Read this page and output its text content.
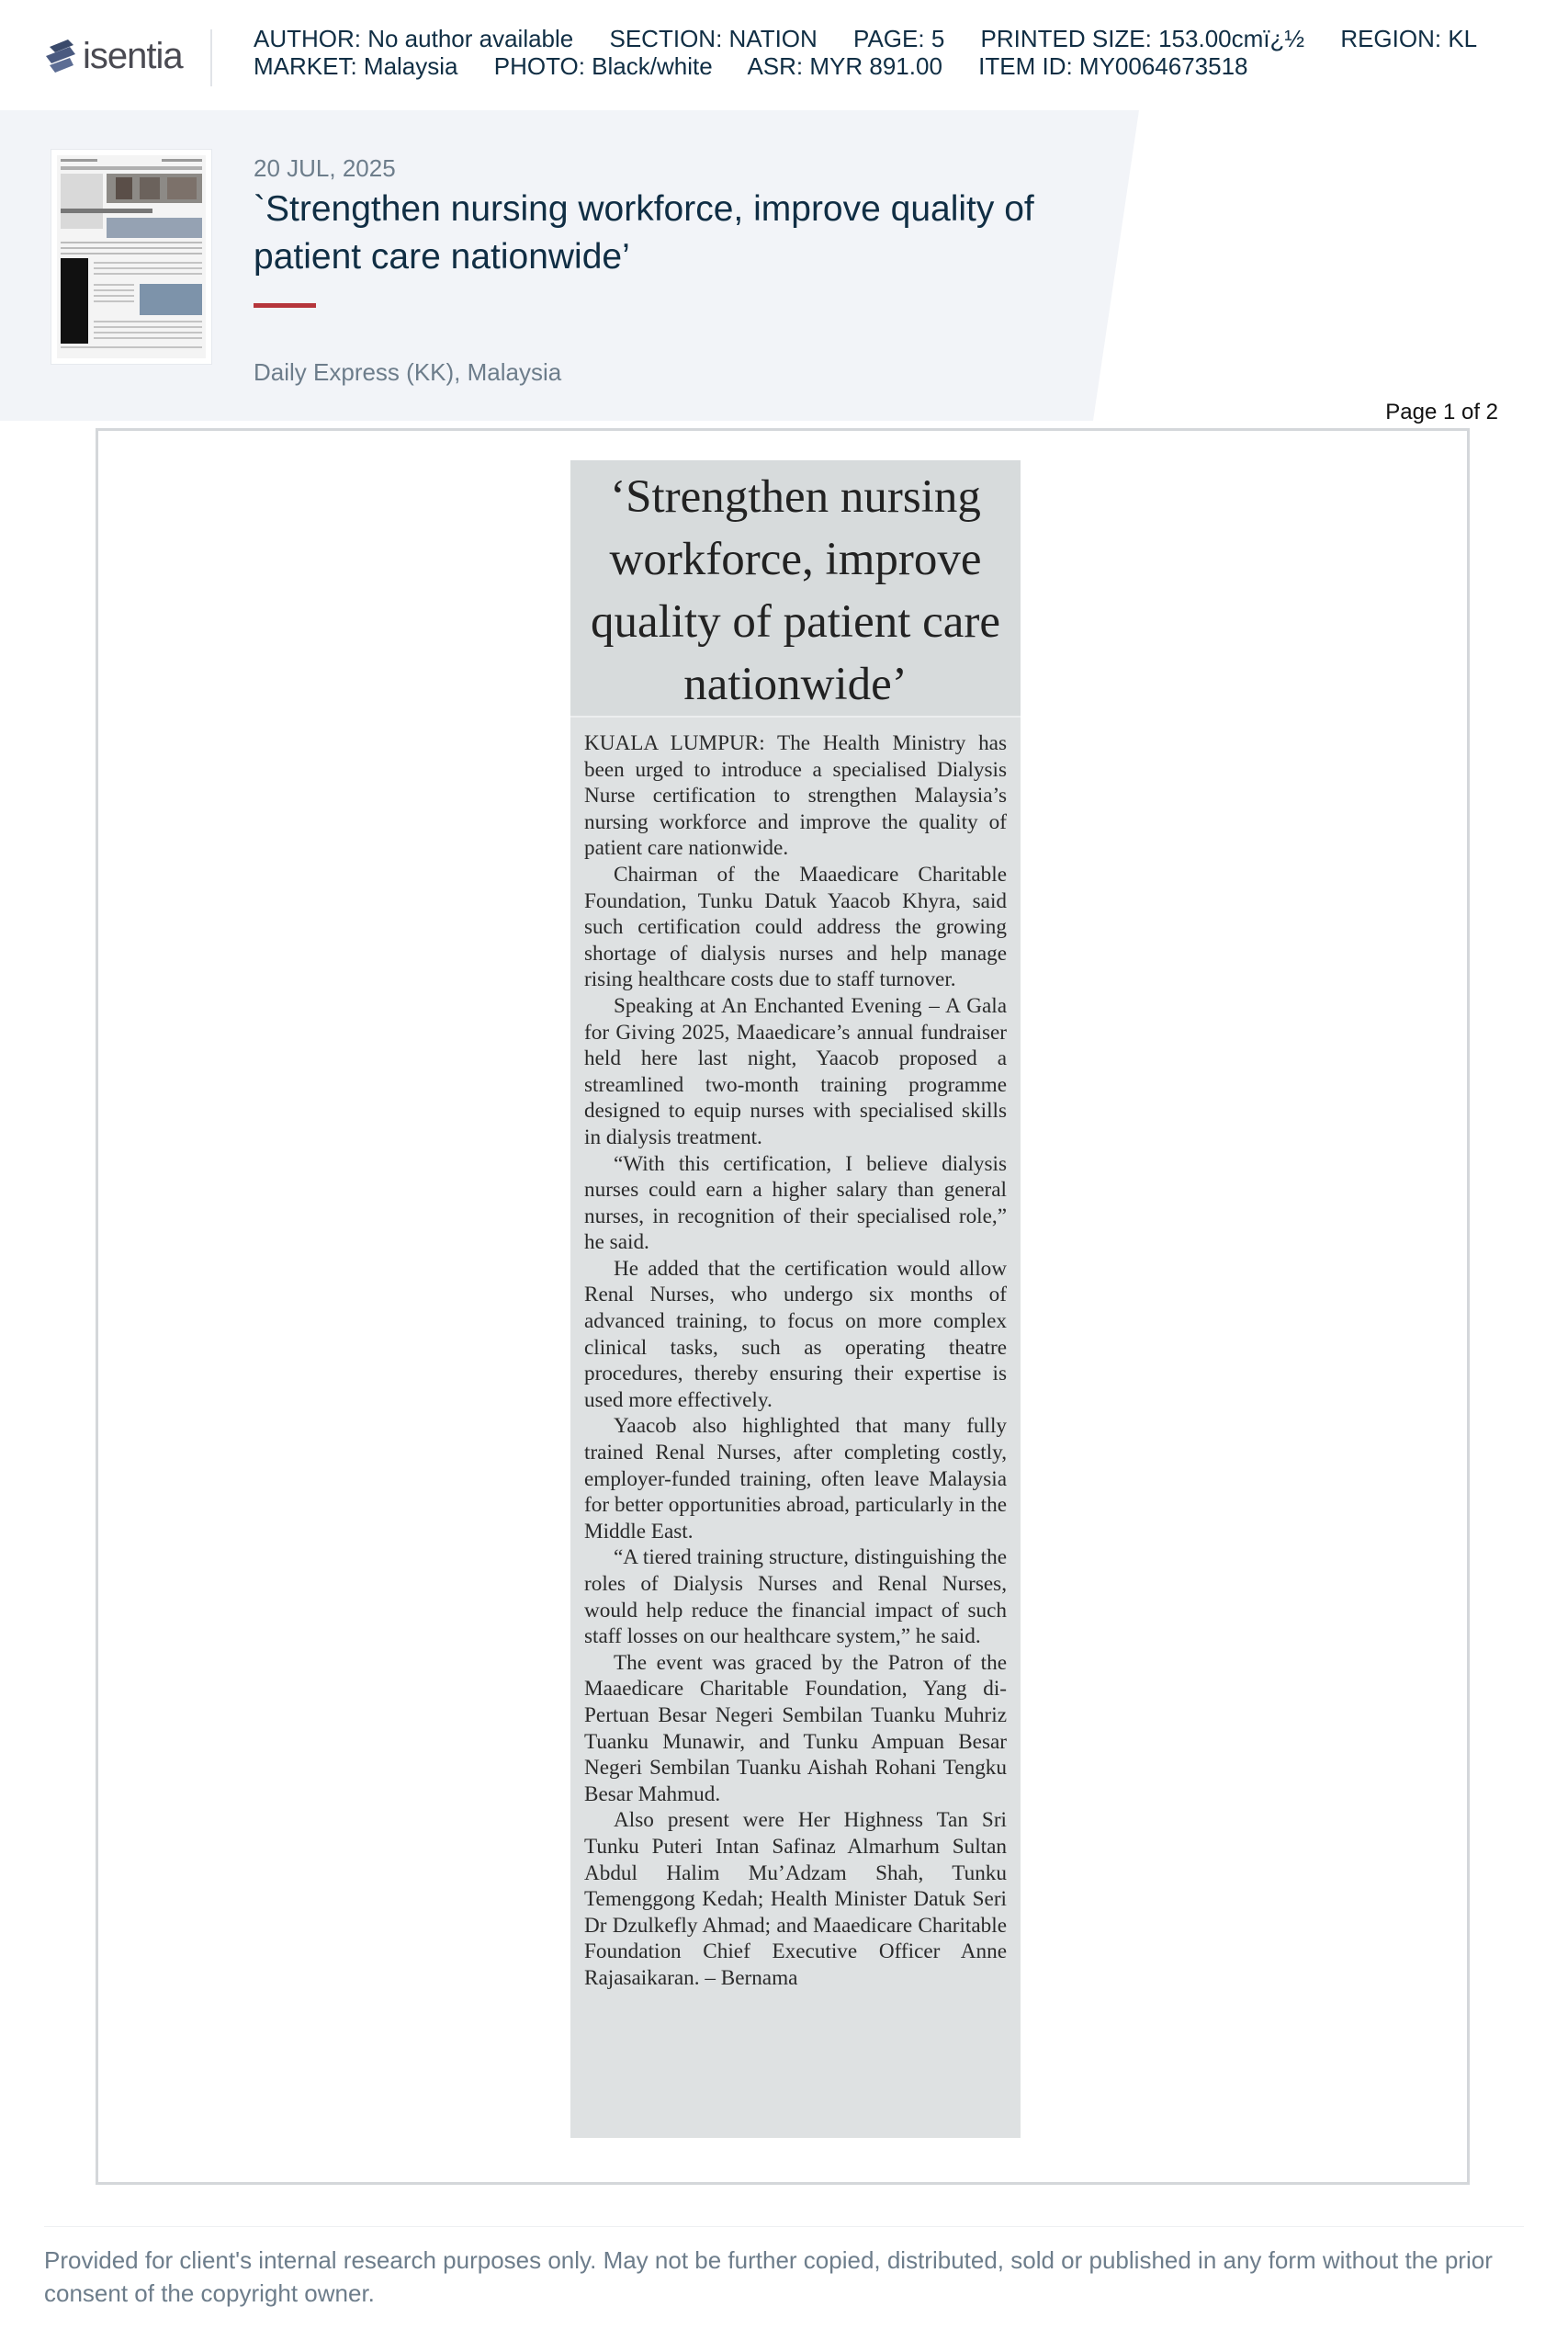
isentia	AUTHOR: No author available SECTION: NATION PAGE: 5 PRINTED SIZE: 153.00cmï¿½ REGION: KL
MARKET: Malaysia PHOTO: Black/white ASR: MYR 891.00 ITEM ID: MY0064673518
20 JUL, 2025
`Strengthen nursing workforce, improve quality of patient care nationwide’
Daily Express (KK), Malaysia
Page 1 of 2
‘Strengthen nursing workforce, improve quality of patient care nationwide’

KUALA LUMPUR: The Health Ministry has been urged to introduce a specialised Dialysis Nurse certification to strengthen Malaysia’s nursing workforce and improve the quality of patient care nationwide.

Chairman of the Maaedicare Charitable Foundation, Tunku Datuk Yaacob Khyra, said such certification could address the growing shortage of dialysis nurses and help manage rising healthcare costs due to staff turnover.

Speaking at An Enchanted Evening – A Gala for Giving 2025, Maaedicare’s annual fundraiser held here last night, Yaacob proposed a streamlined two-month training programme designed to equip nurses with specialised skills in dialysis treatment.

“With this certification, I believe dialysis nurses could earn a higher salary than general nurses, in recognition of their specialised role,” he said.

He added that the certification would allow Renal Nurses, who undergo six months of advanced training, to focus on more complex clinical tasks, such as operating theatre procedures, thereby ensuring their expertise is used more effectively.

Yaacob also highlighted that many fully trained Renal Nurses, after completing costly, employer-funded training, often leave Malaysia for better opportunities abroad, particularly in the Middle East.

“A tiered training structure, distinguishing the roles of Dialysis Nurses and Renal Nurses, would help reduce the financial impact of such staff losses on our healthcare system,” he said.

The event was graced by the Patron of the Maaedicare Charitable Foundation, Yang di-Pertuan Besar Negeri Sembilan Tuanku Muhriz Tuanku Munawir, and Tunku Ampuan Besar Negeri Sembilan Tuanku Aishah Rohani Tengku Besar Mahmud.

Also present were Her Highness Tan Sri Tunku Puteri Intan Safinaz Almarhum Sultan Abdul Halim Mu’Adzam Shah, Tunku Temenggong Kedah; Health Minister Datuk Seri Dr Dzulkefly Ahmad; and Maaedicare Charitable Foundation Chief Executive Officer Anne Rajasaikaran. – Bernama

Provided for client's internal research purposes only. May not be further copied, distributed, sold or published in any form without the prior consent of the copyright owner.
